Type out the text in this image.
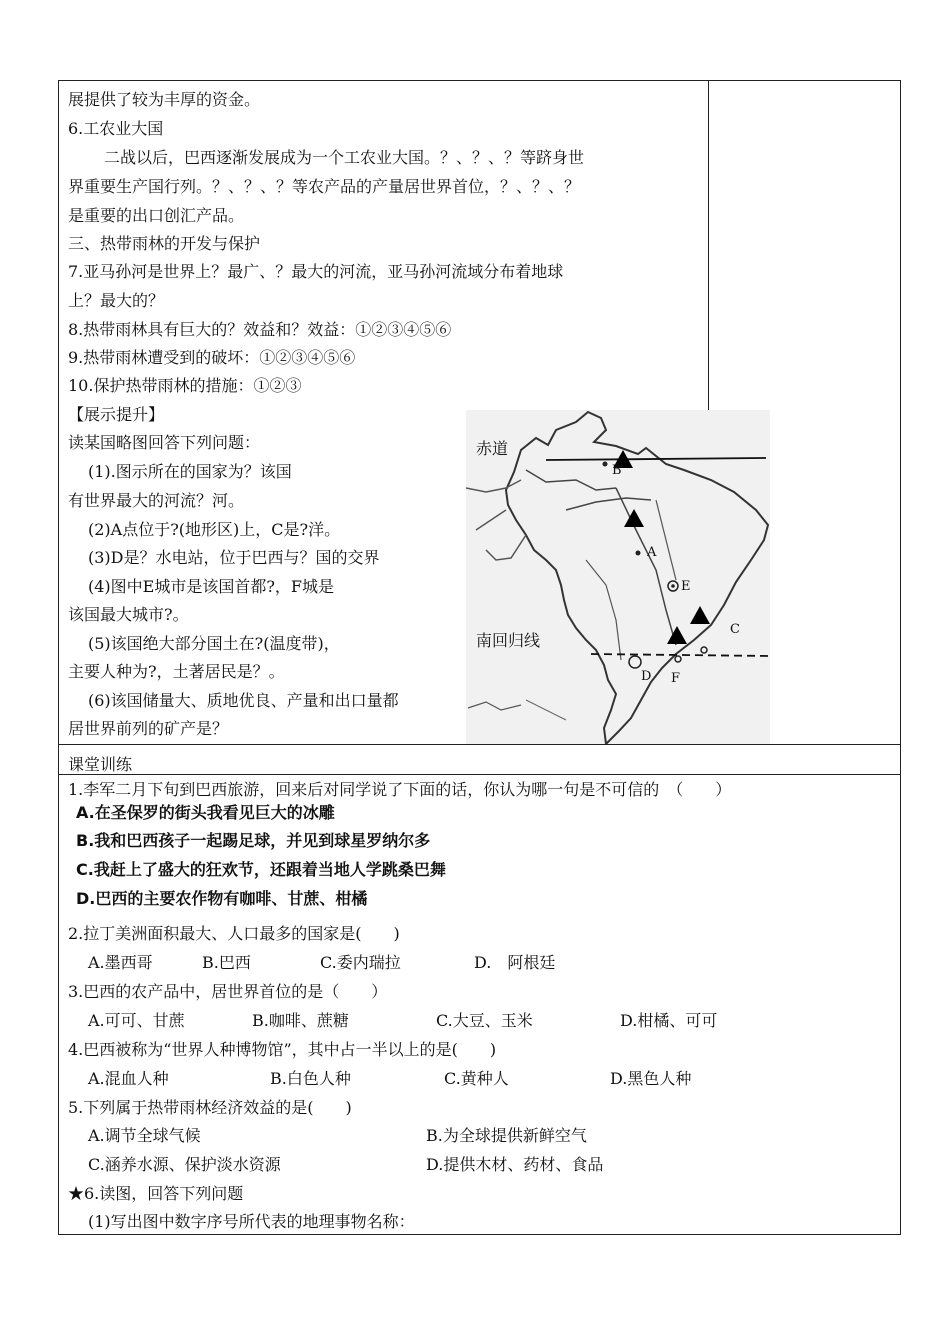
展提供了较为丰厚的资金。
6.工农业大国
二战以后，巴西逐渐发展成为一个工农业大国。？、？、？等跻身世
界重要生产国行列。？、？、？等农产品的产量居世界首位，？、？、？
是重要的出口创汇产品。
三、热带雨林的开发与保护
7.亚马孙河是世界上？最广、？最大的河流，亚马孙河流域分布着地球
上？最大的？
8.热带雨林具有巨大的？效益和？效益：①②③④⑤⑥
9.热带雨林遭受到的破坏：①②③④⑤⑥
10.保护热带雨林的措施：①②③
【展示提升】
读某国略图回答下列问题：
(1).图示所在的国家为？该国
有世界最大的河流？河。
(2)A点位于?(地形区)上，C是?洋。
(3)D是？水电站，位于巴西与？国的交界
(4)图中E城市是该国首都?，F城是
该国最大城市?。
(5)该国绝大部分国土在?(温度带)，
主要人种为?，土著居民是？。
(6)该国储量大、质地优良、产量和出口量都
居世界前列的矿产是？
赤道
南回归线
B
A
E
C
D F
课堂训练
1.李军二月下旬到巴西旅游，回来后对同学说了下面的话，你认为哪一句是不可信的　（　　）
A.在圣保罗的街头我看见巨大的冰雕
B.我和巴西孩子一起踢足球，并见到球星罗纳尔多
C.我赶上了盛大的狂欢节，还跟着当地人学跳桑巴舞
D.巴西的主要农作物有咖啡、甘蔗、柑橘
2.拉丁美洲面积最大、人口最多的国家是(　　)
A.墨西哥	B.巴西	C.委内瑞拉	D.　阿根廷
3.巴西的农产品中，居世界首位的是（　　）
A.可可、甘蔗	B.咖啡、蔗糖	C.大豆、玉米	D.柑橘、可可
4.巴西被称为“世界人种博物馆”，其中占一半以上的是(　　)
A.混血人种	B.白色人种	C.黄种人	D.黑色人种
5.下列属于热带雨林经济效益的是(　　)
A.调节全球气候	B.为全球提供新鲜空气
C.涵养水源、保护淡水资源	D.提供木材、药材、食品
★6.读图，回答下列问题
(1)写出图中数字序号所代表的地理事物名称：
